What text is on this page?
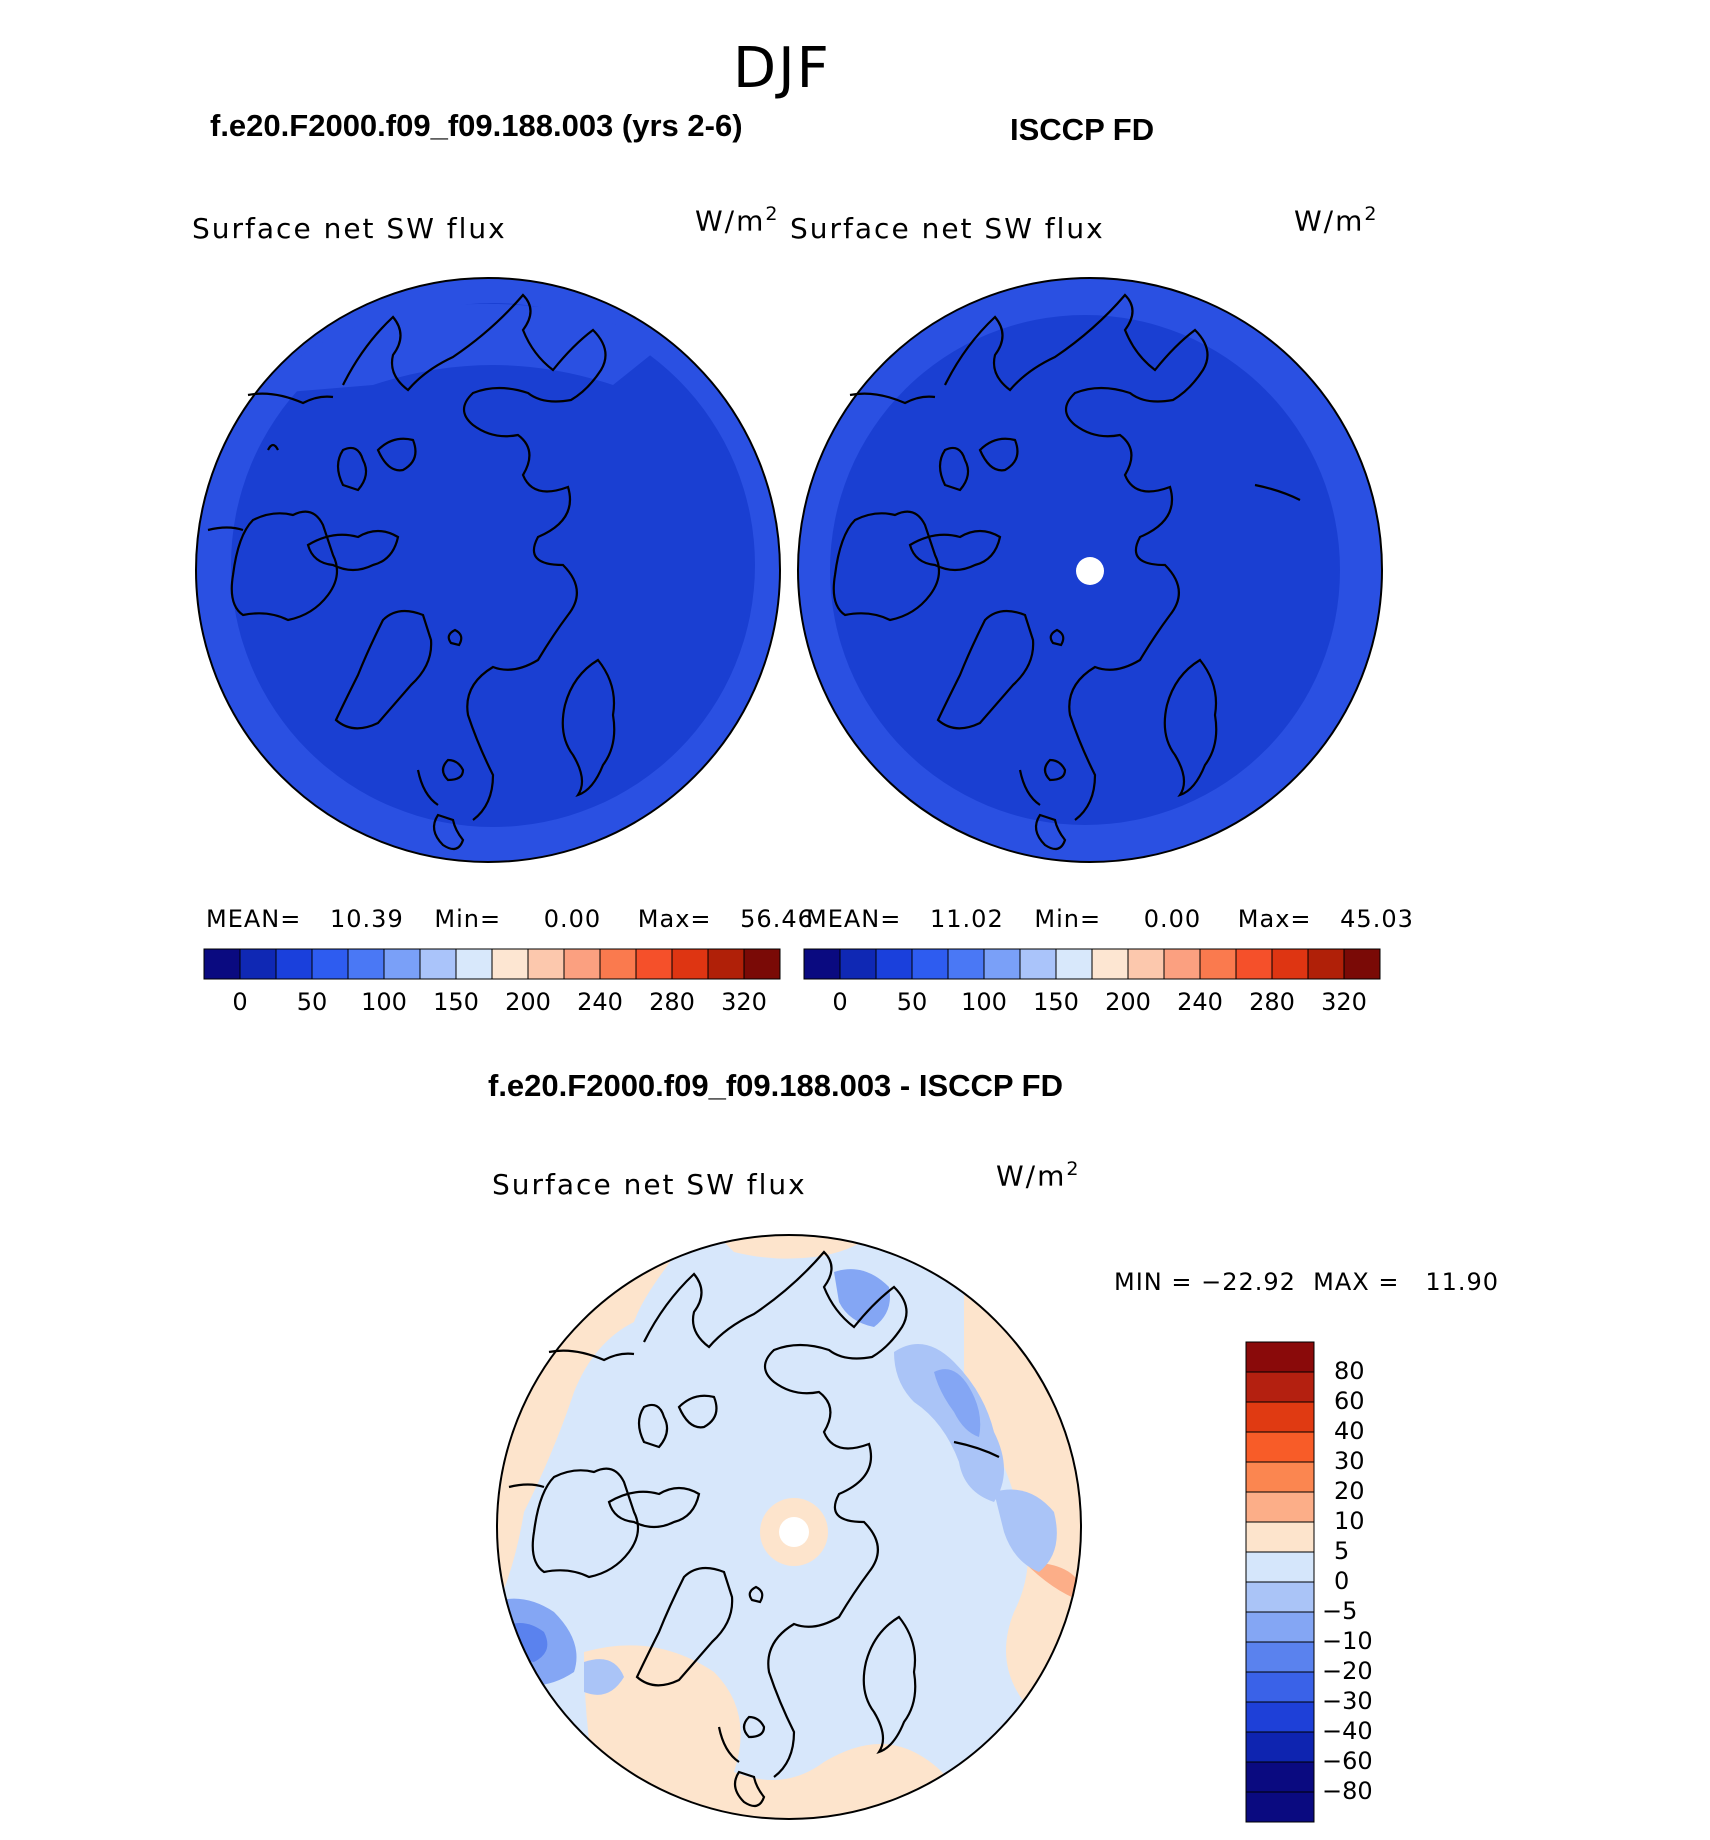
DJF
f.e20.F2000.f09_f09.188.003 (yrs 2-6)
Surface net SW flux	$W/m^2$
ISCCP FD
Surface net SW flux	$W/m^2$
MEAN= 10.39 Min= 0.00 Max= 56.46
MEAN= 11.02 Min= 0.00 Max= 45.03
0	50	100	150	200	240	280	320	0	50	100	150	200	240	280	320
f.e20.F2000.f09_f09.188.003 - ISCCP FD
Surface net SW flux	$W/m^2$
MIN = −22.92  MAX =   11.90
80
60
40
30
20
10
5
0
−5
−10
−20
−30
−40
−60
−80
